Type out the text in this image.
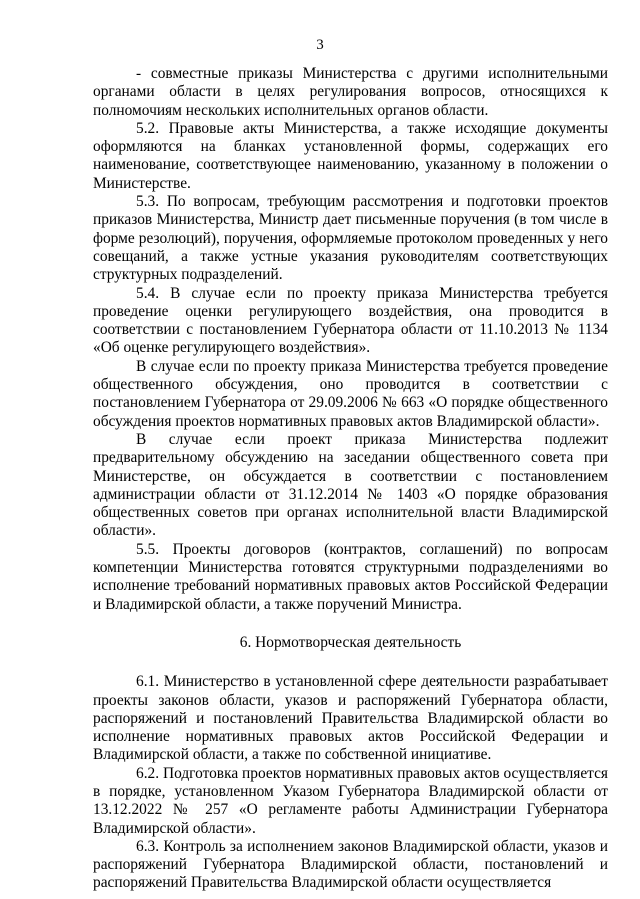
3

- совместные приказы Министерства с другими исполнительными органами области в целях регулирования вопросов, относящихся к полномочиям нескольких исполнительных органов области.

5.2. Правовые акты Министерства, а также исходящие документы оформляются на бланках установленной формы, содержащих его наименование, соответствующее наименованию, указанному в положении о Министерстве.

5.3. По вопросам, требующим рассмотрения и подготовки проектов приказов Министерства, Министр дает письменные поручения (в том числе в форме резолюций), поручения, оформляемые протоколом проведенных у него совещаний, а также устные указания руководителям соответствующих структурных подразделений.

5.4. В случае если по проекту приказа Министерства требуется проведение оценки регулирующего воздействия, она проводится в соответствии с постановлением Губернатора области от 11.10.2013 № 1134 «Об оценке регулирующего воздействия».

В случае если по проекту приказа Министерства требуется проведение общественного обсуждения, оно проводится в соответствии с постановлением Губернатора от 29.09.2006 № 663 «О порядке общественного обсуждения проектов нормативных правовых актов Владимирской области».

В случае если проект приказа Министерства подлежит предварительному обсуждению на заседании общественного совета при Министерстве, он обсуждается в соответствии с постановлением администрации области от 31.12.2014 № 1403 «О порядке образования общественных советов при органах исполнительной власти Владимирской области».

5.5. Проекты договоров (контрактов, соглашений) по вопросам компетенции Министерства готовятся структурными подразделениями во исполнение требований нормативных правовых актов Российской Федерации и Владимирской области, а также поручений Министра.

6. Нормотворческая деятельность

6.1. Министерство в установленной сфере деятельности разрабатывает проекты законов области, указов и распоряжений Губернатора области, распоряжений и постановлений Правительства Владимирской области во исполнение нормативных правовых актов Российской Федерации и Владимирской области, а также по собственной инициативе.

6.2. Подготовка проектов нормативных правовых актов осуществляется в порядке, установленном Указом Губернатора Владимирской области от 13.12.2022 № 257 «О регламенте работы Администрации Губернатора Владимирской области».

6.3. Контроль за исполнением законов Владимирской области, указов и распоряжений Губернатора Владимирской области, постановлений и распоряжений Правительства Владимирской области осуществляется
